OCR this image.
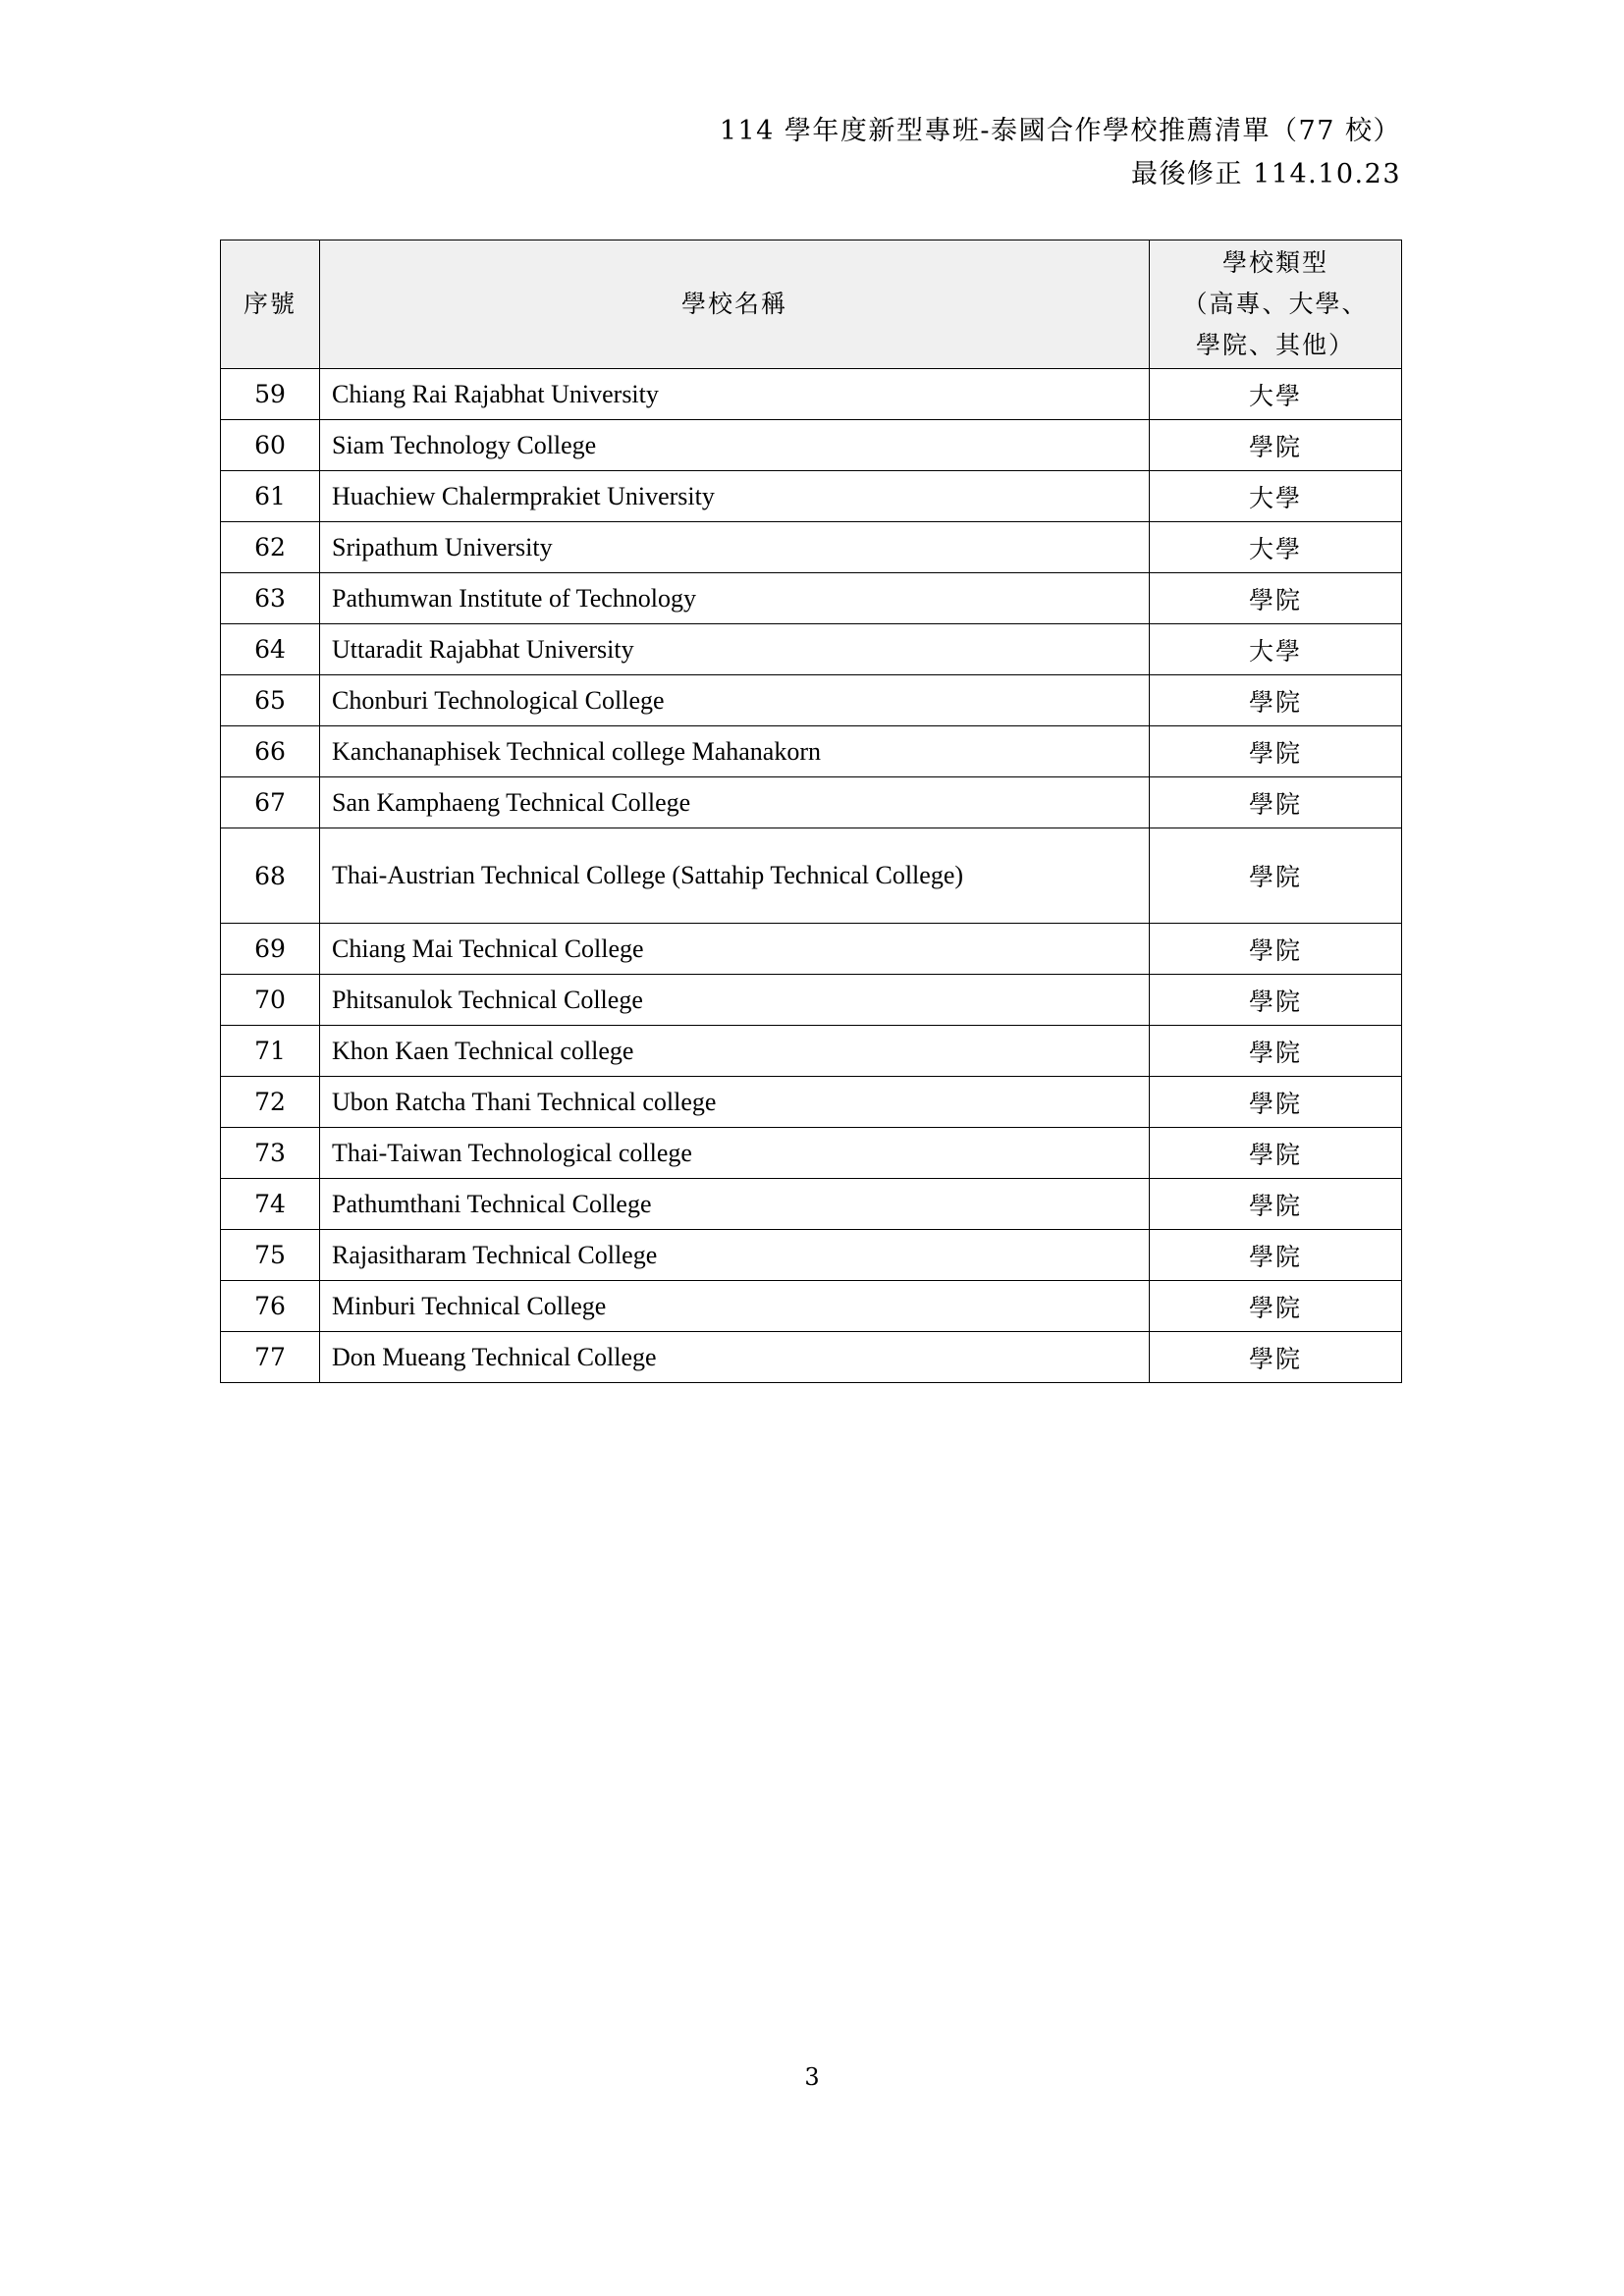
114 學年度新型專班-泰國合作學校推薦清單（77 校）
最後修正 114.10.23
序號	學校名稱	學校類型
（高專、大學、
學院、其他）

59	Chiang Rai Rajabhat University	大學
60	Siam Technology College	學院
61	Huachiew Chalermprakiet University	大學
62	Sripathum University	大學
63	Pathumwan Institute of Technology	學院
64	Uttaradit Rajabhat University	大學
65	Chonburi Technological College	學院
66	Kanchanaphisek Technical college Mahanakorn	學院
67	San Kamphaeng Technical College	學院
68	Thai-Austrian Technical College (Sattahip Technical College)	學院
69	Chiang Mai Technical College	學院
70	Phitsanulok Technical College	學院
71	Khon Kaen Technical college	學院
72	Ubon Ratcha Thani Technical college	學院
73	Thai-Taiwan Technological college	學院
74	Pathumthani Technical College	學院
75	Rajasitharam Technical College	學院
76	Minburi Technical College	學院
77	Don Mueang Technical College	學院
3
